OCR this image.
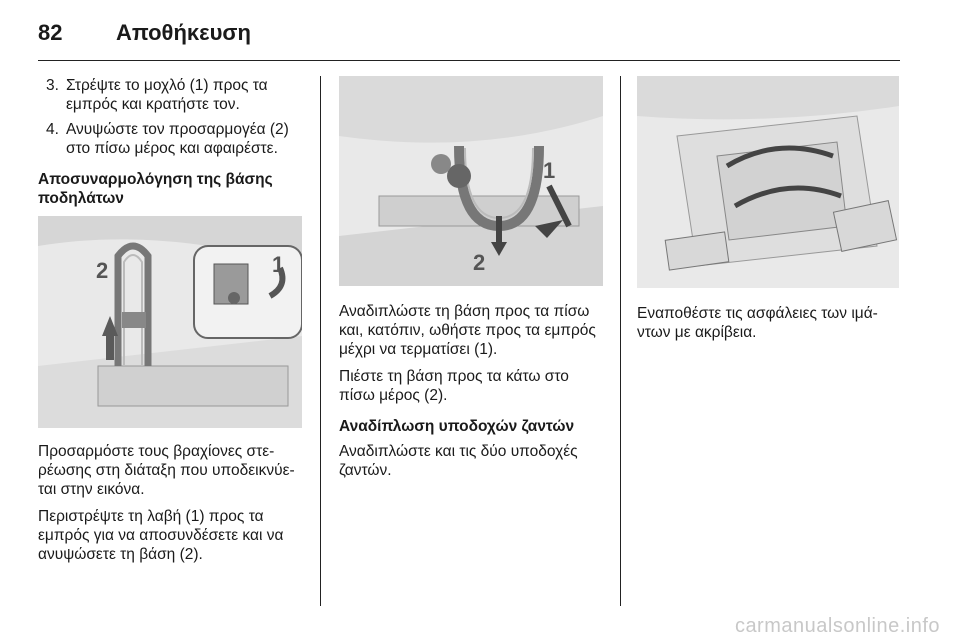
82	Αποθήκευση
3. Στρέψτε το μοχλό (1) προς τα εμπρός και κρατήστε τον.
4. Ανυψώστε τον προσαρμογέα (2) στο πίσω μέρος και αφαιρέστε.
Αποσυναρμολόγηση της βάσης ποδηλάτων
2	1

Προσαρμόστε τους βραχίονες στε-ρέωσης στη διάταξη που υποδεικνύε-ται στην εικόνα.

Περιστρέψτε τη λαβή (1) προς τα εμπρός για να αποσυνδέσετε και να ανυψώσετε τη βάση (2).

1
2

Αναδιπλώστε τη βάση προς τα πίσω και, κατόπιν, ωθήστε προς τα εμπρός μέχρι να τερματίσει (1).

Πιέστε τη βάση προς τα κάτω στο πίσω μέρος (2).

Αναδίπλωση υποδοχών ζαντών

Αναδιπλώστε και τις δύο υποδοχές ζαντών.

Εναποθέστε τις ασφάλειες των ιμά-ντων με ακρίβεια.

carmanualsonline.info
